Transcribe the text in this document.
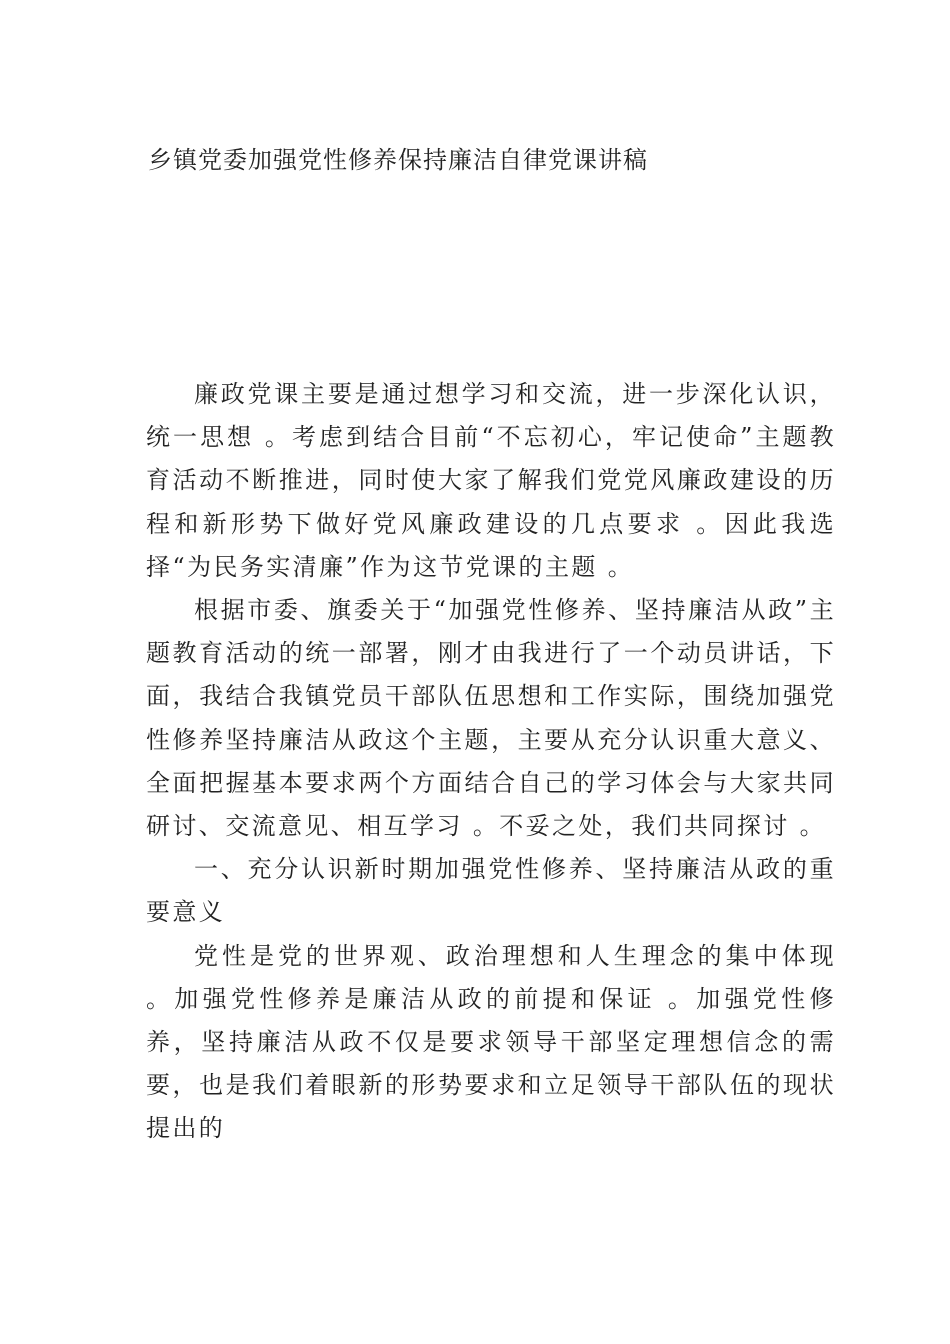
乡镇党委加强党性修养保持廉洁自律党课讲稿

廉政党课主要是通过想学习和交流，进一步深化认识，统一思想 。考虑到结合目前“不忘初心，牢记使命”主题教育活动不断推进，同时使大家了解我们党党风廉政建设的历程和新形势下做好党风廉政建设的几点要求 。因此我选择“为民务实清廉”作为这节党课的主题 。

根据市委、旗委关于“加强党性修养、坚持廉洁从政”主题教育活动的统一部署，刚才由我进行了一个动员讲话，下面，我结合我镇党员干部队伍思想和工作实际，围绕加强党性修养坚持廉洁从政这个主题，主要从充分认识重大意义、全面把握基本要求两个方面结合自己的学习体会与大家共同研讨、交流意见、相互学习 。不妥之处，我们共同探讨 。

一、充分认识新时期加强党性修养、坚持廉洁从政的重要意义

党性是党的世界观、政治理想和人生理念的集中体现 。加强党性修养是廉洁从政的前提和保证 。加强党性修养，坚持廉洁从政不仅是要求领导干部坚定理想信念的需要，也是我们着眼新的形势要求和立足领导干部队伍的现状提出的
